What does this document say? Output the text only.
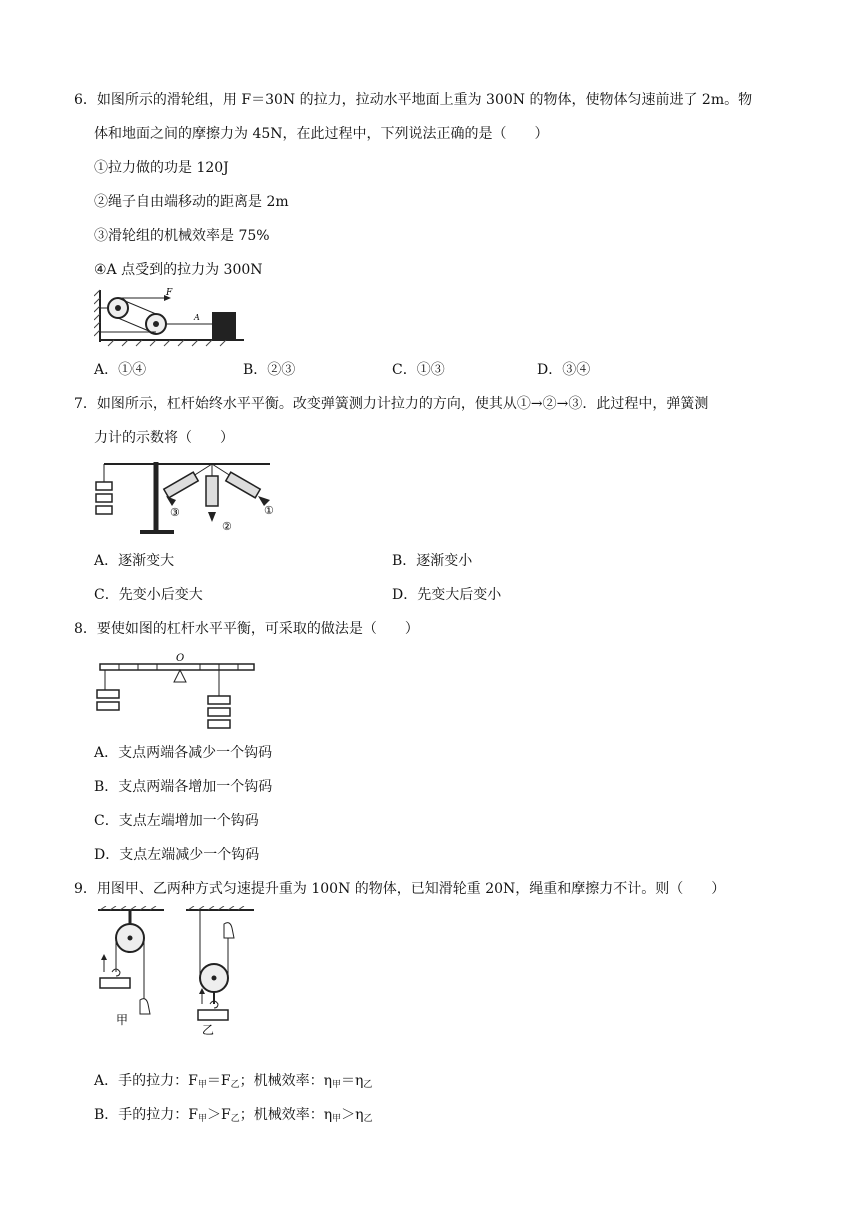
6．如图所示的滑轮组，用 F＝30N 的拉力，拉动水平地面上重为 300N 的物体，使物体匀速前进了 2m。物
体和地面之间的摩擦力为 45N，在此过程中，下列说法正确的是（　　）
①拉力做的功是 120J
②绳子自由端移动的距离是 2m
③滑轮组的机械效率是 75%
④A 点受到的拉力为 300N
F
A
A．①④	B．②③	C．①③	D．③④
7．如图所示，杠杆始终水平平衡。改变弹簧测力计拉力的方向，使其从①→②→③．此过程中，弹簧测
力计的示数将（　　）
③
②
①
A．逐渐变大	B．逐渐变小
C．先变小后变大	D．先变大后变小
8．要使如图的杠杆水平平衡，可采取的做法是（　　）
O
A．支点两端各减少一个钩码
B．支点两端各增加一个钩码
C．支点左端增加一个钩码
D．支点左端减少一个钩码
9．用图甲、乙两种方式匀速提升重为 100N 的物体，已知滑轮重 20N，绳重和摩擦力不计。则（　　）
甲
乙
A．手的拉力：$F_甲=F_乙$；机械效率：$\eta_甲=\eta_乙$
B．手的拉力：$F_甲>F_乙$；机械效率：$\eta_甲>\eta_乙$
